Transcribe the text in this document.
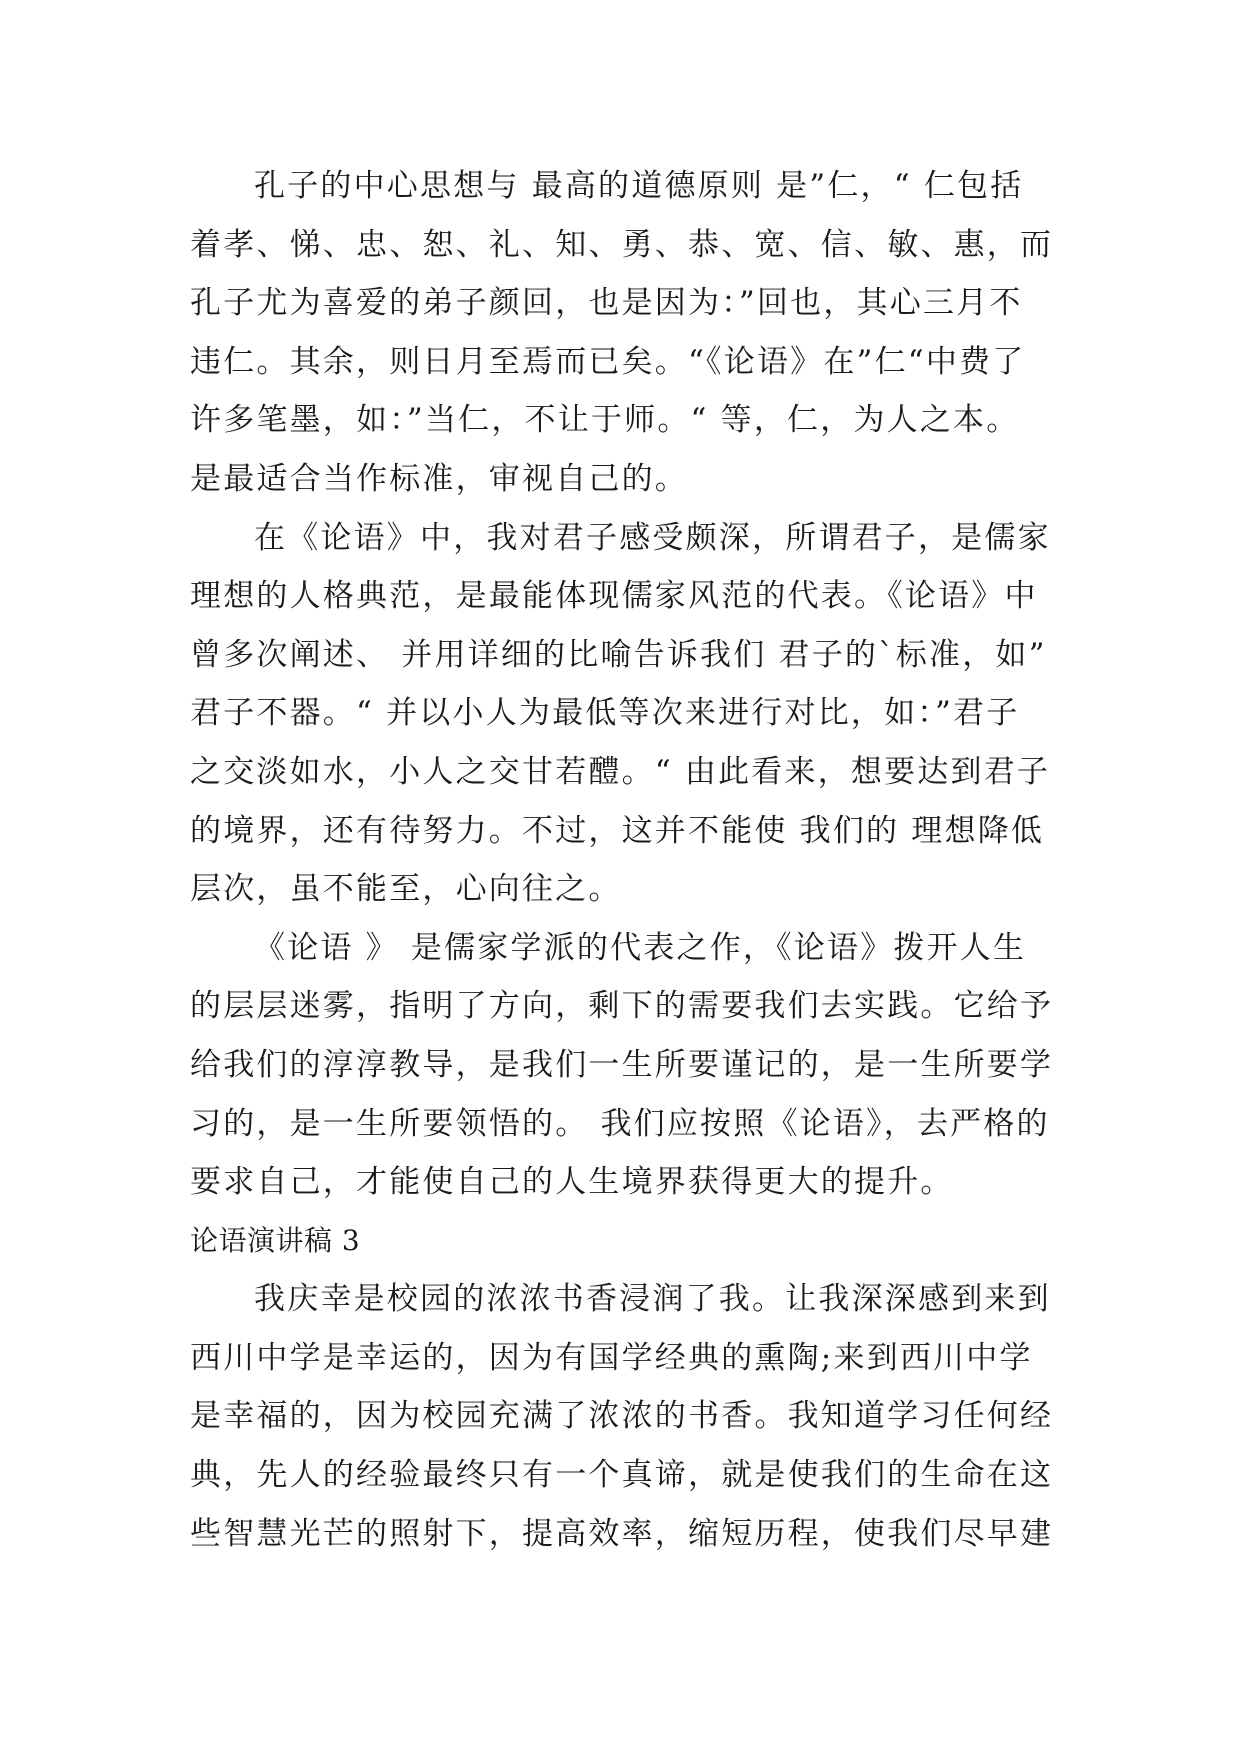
孔子的中心思想与 最高的道德原则 是”仁，“ 仁包括
着孝、悌、忠、恕、礼、知、勇、恭、宽、信、敏、惠，而
孔子尤为喜爱的弟子颜回，也是因为：”回也，其心三月不
违仁。其余，则日月至焉而已矣。“《论语》在”仁“中费了
许多笔墨，如：”当仁，不让于师。“ 等，仁，为人之本。
是最适合当作标准，审视自己的。
在《论语》中，我对君子感受颇深，所谓君子，是儒家
理想的人格典范，是最能体现儒家风范的代表。《论语》中
曾多次阐述、 并用详细的比喻告诉我们 君子的`标准，如”
君子不器。“ 并以小人为最低等次来进行对比，如：”君子
之交淡如水，小人之交甘若醴。“ 由此看来，想要达到君子
的境界，还有待努力。不过，这并不能使 我们的 理想降低
层次，虽不能至，心向往之。
《论语 》 是儒家学派的代表之作，《论语》拨开人生
的层层迷雾，指明了方向，剩下的需要我们去实践。它给予
给我们的淳淳教导，是我们一生所要谨记的，是一生所要学
习的，是一生所要领悟的。 我们应按照《论语》，去严格的
要求自己，才能使自己的人生境界获得更大的提升。
论语演讲稿 3
我庆幸是校园的浓浓书香浸润了我。让我深深感到来到
西川中学是幸运的，因为有国学经典的熏陶;来到西川中学
是幸福的，因为校园充满了浓浓的书香。我知道学习任何经
典，先人的经验最终只有一个真谛，就是使我们的生命在这
些智慧光芒的照射下，提高效率，缩短历程，使我们尽早建
